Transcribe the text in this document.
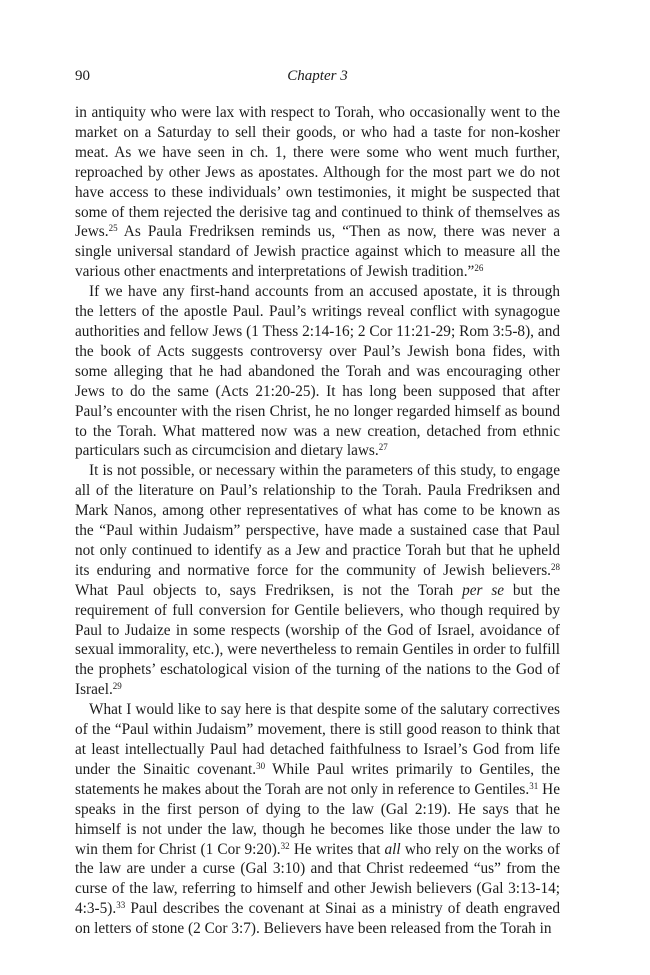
90	Chapter 3

in antiquity who were lax with respect to Torah, who occasionally went to the market on a Saturday to sell their goods, or who had a taste for non-kosher meat. As we have seen in ch. 1, there were some who went much further, reproached by other Jews as apostates. Although for the most part we do not have access to these individuals’ own testimonies, it might be suspected that some of them rejected the derisive tag and continued to think of themselves as Jews.$^{25}$ As Paula Fredriksen reminds us, “Then as now, there was never a single universal standard of Jewish practice against which to measure all the various other enactments and interpretations of Jewish tradition.”$^{26}$

If we have any first-hand accounts from an accused apostate, it is through the letters of the apostle Paul. Paul’s writings reveal conflict with synagogue authorities and fellow Jews (1 Thess 2:14-16; 2 Cor 11:21-29; Rom 3:5-8), and the book of Acts suggests controversy over Paul’s Jewish bona fides, with some alleging that he had abandoned the Torah and was encouraging other Jews to do the same (Acts 21:20-25). It has long been supposed that after Paul’s encounter with the risen Christ, he no longer regarded himself as bound to the Torah. What mattered now was a new creation, detached from ethnic particulars such as circumcision and dietary laws.$^{27}$

It is not possible, or necessary within the parameters of this study, to engage all of the literature on Paul’s relationship to the Torah. Paula Fredriksen and Mark Nanos, among other representatives of what has come to be known as the “Paul within Judaism” perspective, have made a sustained case that Paul not only continued to identify as a Jew and practice Torah but that he upheld its enduring and normative force for the community of Jewish believers.$^{28}$ What Paul objects to, says Fredriksen, is not the Torah per se but the requirement of full conversion for Gentile believers, who though required by Paul to Judaize in some respects (worship of the God of Israel, avoidance of sexual immorality, etc.), were nevertheless to remain Gentiles in order to fulfill the prophets’ eschatological vision of the turning of the nations to the God of Israel.$^{29}$

What I would like to say here is that despite some of the salutary correctives of the “Paul within Judaism” movement, there is still good reason to think that at least intellectually Paul had detached faithfulness to Israel’s God from life under the Sinaitic covenant.$^{30}$ While Paul writes primarily to Gentiles, the statements he makes about the Torah are not only in reference to Gentiles.$^{31}$ He speaks in the first person of dying to the law (Gal 2:19). He says that he himself is not under the law, though he becomes like those under the law to win them for Christ (1 Cor 9:20).$^{32}$ He writes that all who rely on the works of the law are under a curse (Gal 3:10) and that Christ redeemed “us” from the curse of the law, referring to himself and other Jewish believers (Gal 3:13-14; 4:3-5).$^{33}$ Paul describes the covenant at Sinai as a ministry of death engraved on letters of stone (2 Cor 3:7). Believers have been released from the Torah in
